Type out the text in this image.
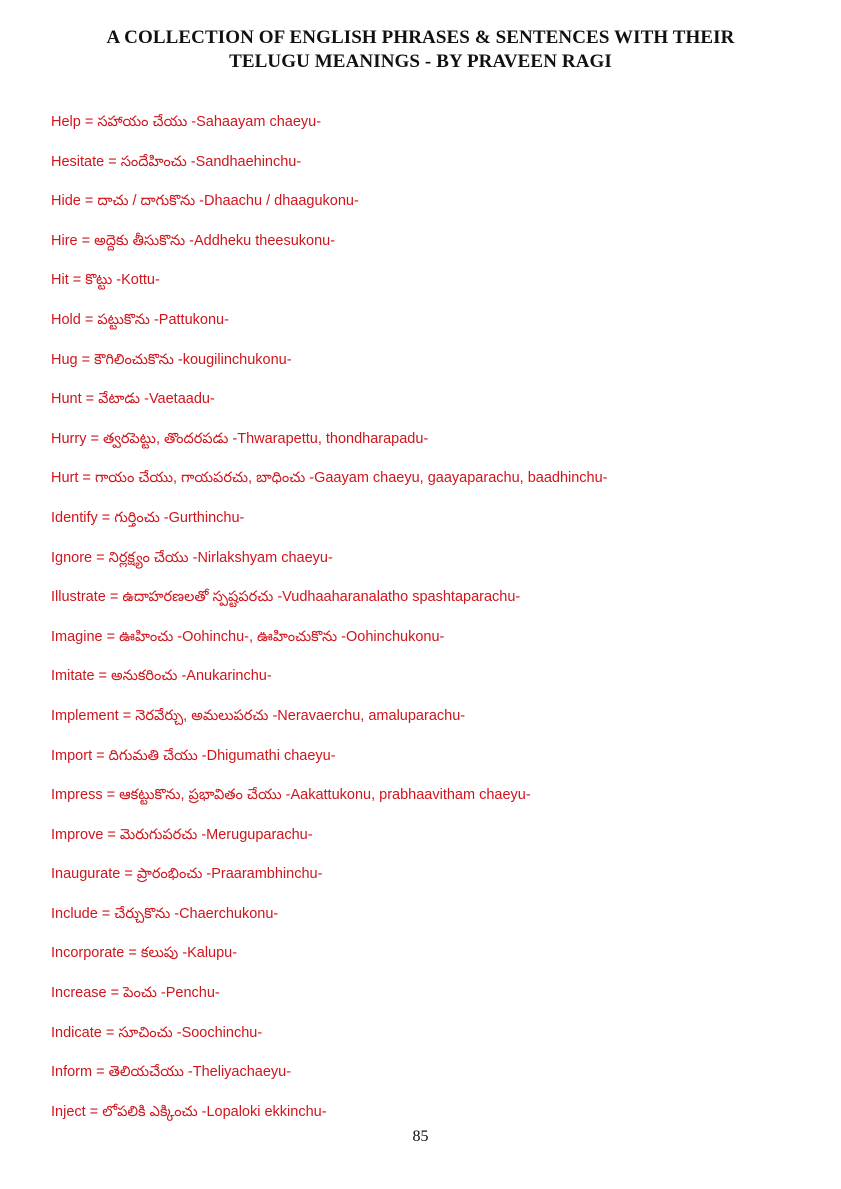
A COLLECTION OF ENGLISH PHRASES & SENTENCES WITH THEIR
TELUGU MEANINGS - BY PRAVEEN RAGI
Help = సహాయం చేయు -Sahaayam chaeyu-
Hesitate = సందేహించు -Sandhaehinchu-
Hide = దాచు / దాగుకొను -Dhaachu / dhaagukonu-
Hire = అద్దెకు తీసుకొను -Addheku theesukonu-
Hit = కొట్టు -Kottu-
Hold = పట్టుకొను -Pattukonu-
Hug = కౌగిలించుకొను -kougilinchukonu-
Hunt = వేటాడు -Vaetaadu-
Hurry = త్వరపెట్టు, తొందరపడు -Thwarapettu, thondharapadu-
Hurt = గాయం చేయు, గాయపరచు, బాధించు -Gaayam chaeyu, gaayaparachu, baadhinchu-
Identify = గుర్తించు -Gurthinchu-
Ignore = నిర్లక్ష్యం చేయు -Nirlakshyam chaeyu-
Illustrate = ఉదాహరణలతో స్పష్టపరచు -Vudhaaharanalatho spashtaparachu-
Imagine = ఊహించు -Oohinchu-, ఊహించుకొను -Oohinchukonu-
Imitate = అనుకరించు -Anukarinchu-
Implement = నెరవేర్చు, అమలుపరచు -Neravaerchu, amaluparachu-
Import = దిగుమతి చేయు -Dhigumathi chaeyu-
Impress = ఆకట్టుకొను, ప్రభావితం చేయు -Aakattukonu, prabhaavitham chaeyu-
Improve = మెరుగుపరచు -Meruguparachu-
Inaugurate = ప్రారంభించు -Praarambhinchu-
Include = చేర్చుకొను -Chaerchukonu-
Incorporate = కలుపు -Kalupu-
Increase = పెంచు -Penchu-
Indicate = సూచించు -Soochinchu-
Inform = తెలియచేయు -Theliyachaeyu-
Inject = లోపలికి ఎక్కించు -Lopaloki ekkinchu-
85
